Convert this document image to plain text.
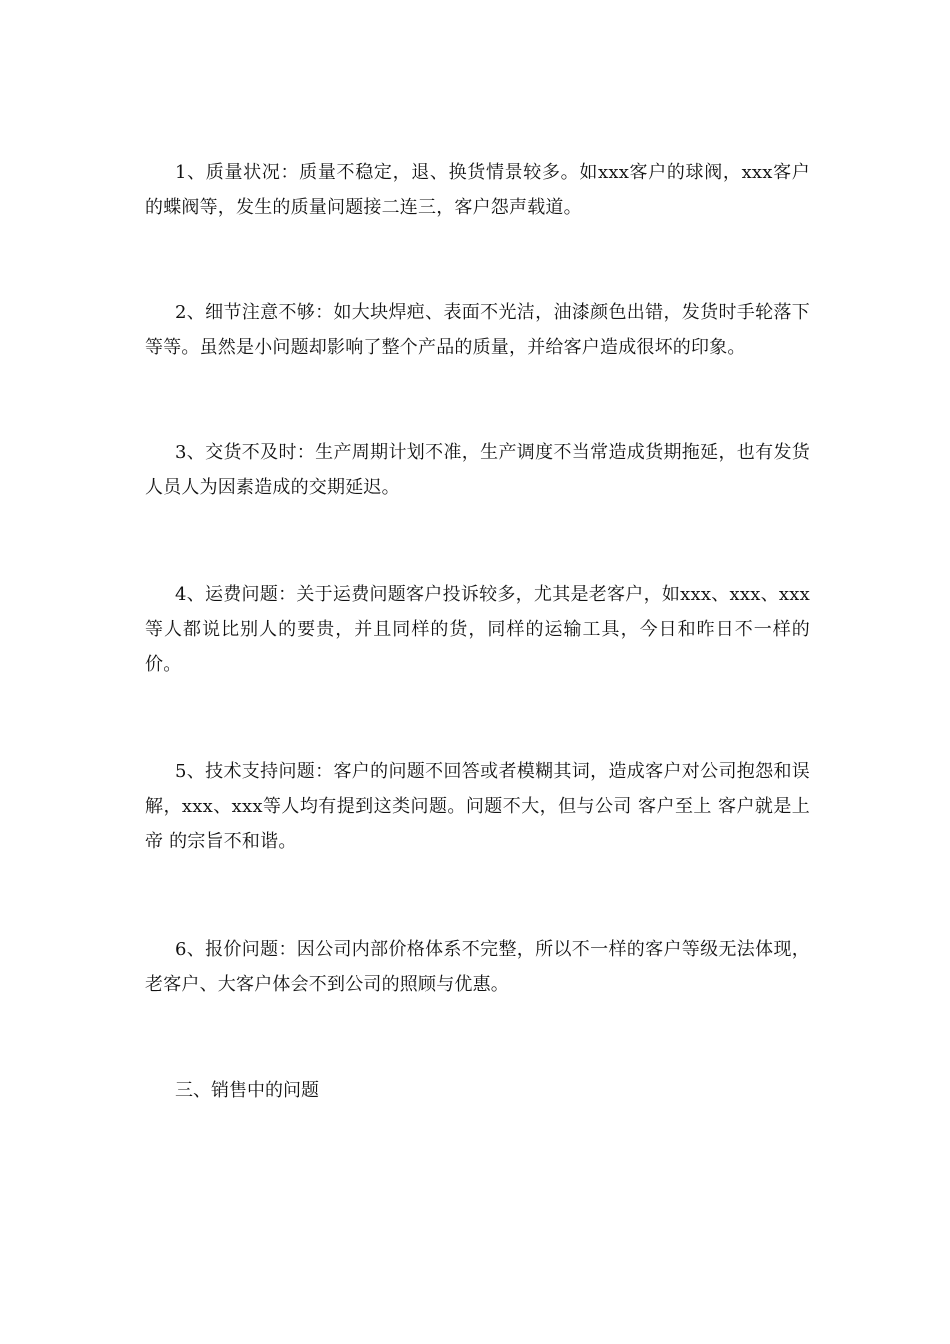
1、质量状况：质量不稳定，退、换货情景较多。如xxx客户的球阀，xxx客户的蝶阀等，发生的质量问题接二连三，客户怨声载道。

2、细节注意不够：如大块焊疤、表面不光洁，油漆颜色出错，发货时手轮落下等等。虽然是小问题却影响了整个产品的质量，并给客户造成很坏的印象。

3、交货不及时：生产周期计划不准，生产调度不当常造成货期拖延，也有发货人员人为因素造成的交期延迟。

4、运费问题：关于运费问题客户投诉较多，尤其是老客户，如xxx、xxx、xxx等人都说比别人的要贵，并且同样的货，同样的运输工具，今日和昨日不一样的价。

5、技术支持问题：客户的问题不回答或者模糊其词，造成客户对公司抱怨和误解，xxx、xxx等人均有提到这类问题。问题不大，但与公司 客户至上 客户就是上帝 的宗旨不和谐。

6、报价问题：因公司内部价格体系不完整，所以不一样的客户等级无法体现，老客户、大客户体会不到公司的照顾与优惠。

三、销售中的问题
